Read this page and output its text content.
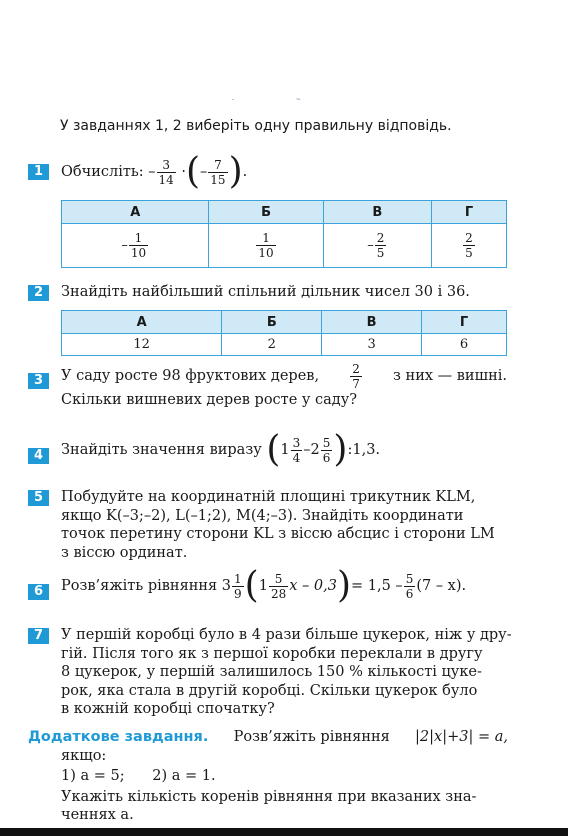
- ~
У завданнях 1, 2 виберіть одну правильну відповідь.
1	Обчисліть: – $\frac{3}{14}$ ·(– $\frac{7}{15}$ ).
А	Б	В	Г
– $\frac{1}{10}$	$\frac{1}{10}$	– $\frac{2}{5}$	$\frac{2}{5}$
2	Знайдіть найбільший спільний дільник чисел 30 і 36.
А	Б	В	Г
12	2	3	6
3	У саду росте 98 фруктових дерев,	$\frac{2}{7}$ з них — вишні.
Скільки вишневих дерев росте у саду?
4	Знайдіть значення виразу ($1 \frac{3}{4} -2 \frac{5}{6}$ ):1,3.
5	Побудуйте на координатній площині трикутник KLM,
якщо K(–3;–2), L(–1;2), M(4;–3). Знайдіть координати
точок перетину сторони KL з віссю абсцис і сторони LM
з віссю ординат.
6	Розв’яжіть рівняння $3 \frac{1}{9} (1 \frac{5}{28}$ $x - 0,3)= 1,5 - \frac{5}{6} (7 - x)$.
7	У першій коробці було в 4 рази більше цукерок, ніж у дру-
гій. Після того як з першої коробки переклали в другу
8 цукерок, у першій залишилось 150 % кількості цуке-
рок, яка стала в другій коробці. Скільки цукерок було
в кожній коробці спочатку?
Додаткове завдання. Розв’яжіть рівняння |2|x|+3| = a,
якщо:
1) a = 5;      2) a = 1.
Укажіть кількість коренів рівняння при вказаних зна-
ченнях a.
